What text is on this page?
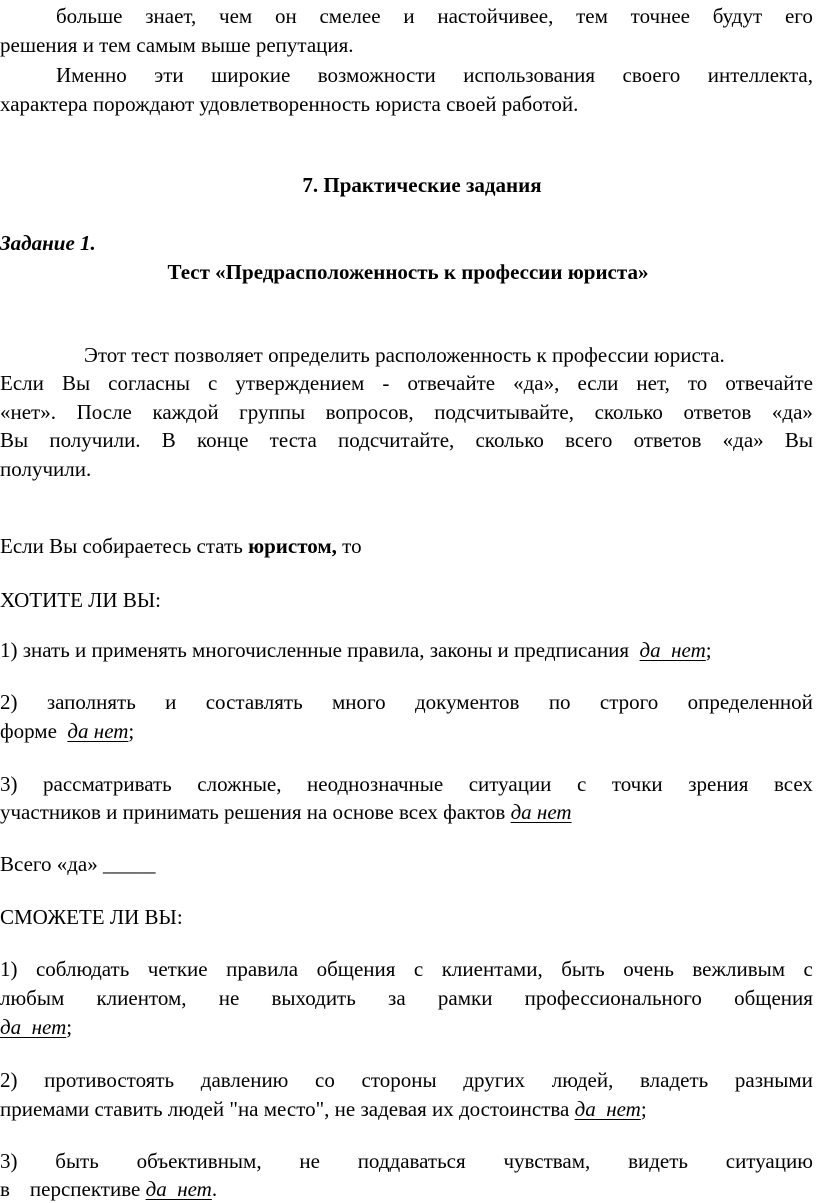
больше знает, чем он смелее и настойчивее, тем точнее будут его
решения и тем самым выше репутация.
Именно эти широкие возможности использования своего интеллекта,
характера порождают удовлетворенность юриста своей работой.
7. Практические задания
Задание 1.
Тест «Предрасположенность к профессии юриста»
Этот тест позволяет определить расположенность к профессии юриста.
Если Вы согласны с утверждением - отвечайте «да», если нет, то отвечайте
«нет». После каждой группы вопросов, подсчитывайте, сколько ответов «да»
Вы получили. В конце теста подсчитайте, сколько всего ответов «да» Вы
получили.
Если Вы собираетесь стать юристом, то
ХОТИТЕ ЛИ ВЫ:
1) знать и применять многочисленные правила, законы и предписания да  нет;
2) заполнять и составлять много документов по строго определенной
форме да нет;
3) рассматривать сложные, неоднозначные ситуации с точки зрения всех
участников и принимать решения на основе всех фактов да нет
Всего «да» _____
СМОЖЕТЕ ЛИ ВЫ:
1) соблюдать четкие правила общения с клиентами, быть очень вежливым с
любым клиентом, не выходить за рамки профессионального общения
да  нет;
2) противостоять давлению со стороны других людей, владеть разными
приемами ставить людей "на место", не задевая их достоинства да  нет;
3) быть объективным, не поддаваться чувствам, видеть ситуацию
в перспективе да  нет.
